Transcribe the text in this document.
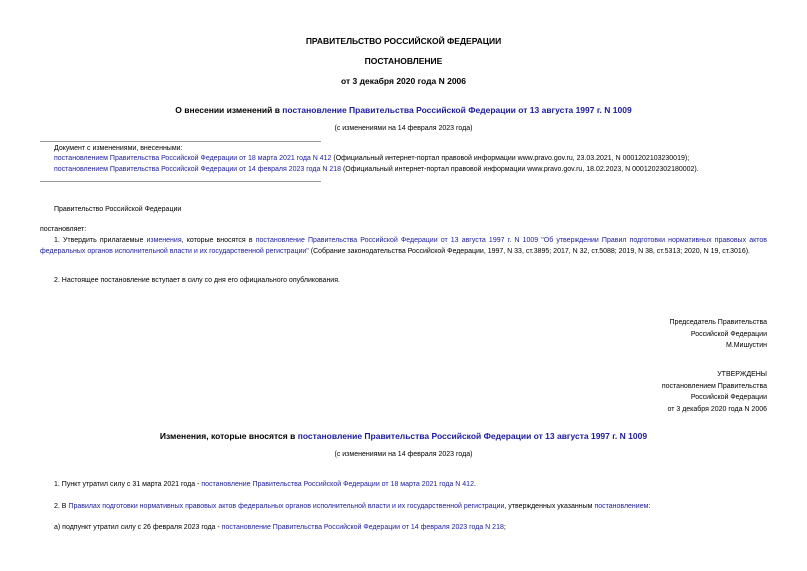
ПРАВИТЕЛЬСТВО РОССИЙСКОЙ ФЕДЕРАЦИИ
ПОСТАНОВЛЕНИЕ
от 3 декабря 2020 года N 2006
О внесении изменений в постановление Правительства Российской Федерации от 13 августа 1997 г. N 1009
(с изменениями на 14 февраля 2023 года)
Документ с изменениями, внесенными:
постановлением Правительства Российской Федерации от 18 марта 2021 года N 412 (Официальный интернет-портал правовой информации www.pravo.gov.ru, 23.03.2021, N 0001202103230019);
постановлением Правительства Российской Федерации от 14 февраля 2023 года N 218 (Официальный интернет-портал правовой информации www.pravo.gov.ru, 18.02.2023, N 0001202302180002).
Правительство Российской Федерации
постановляет:
1. Утвердить прилагаемые изменения, которые вносятся в постановление Правительства Российской Федерации от 13 августа 1997 г. N 1009 "Об утверждении Правил подготовки нормативных правовых актов федеральных органов исполнительной власти и их государственной регистрации" (Собрание законодательства Российской Федерации, 1997, N 33, ст.3895; 2017, N 32, ст.5088; 2019, N 38, ст.5313; 2020, N 19, ст.3016).
2. Настоящее постановление вступает в силу со дня его официального опубликования.
Председатель Правительства
Российской Федерации
М.Мишустин
УТВЕРЖДЕНЫ
постановлением Правительства
Российской Федерации
от 3 декабря 2020 года N 2006
Изменения, которые вносятся в постановление Правительства Российской Федерации от 13 августа 1997 г. N 1009
(с изменениями на 14 февраля 2023 года)
1. Пункт утратил силу с 31 марта 2021 года - постановление Правительства Российской Федерации от 18 марта 2021 года N 412.
2. В Правилах подготовки нормативных правовых актов федеральных органов исполнительной власти и их государственной регистрации, утвержденных указанным постановлением:
а) подпункт утратил силу с 26 февраля 2023 года - постановление Правительства Российской Федерации от 14 февраля 2023 года N 218;
